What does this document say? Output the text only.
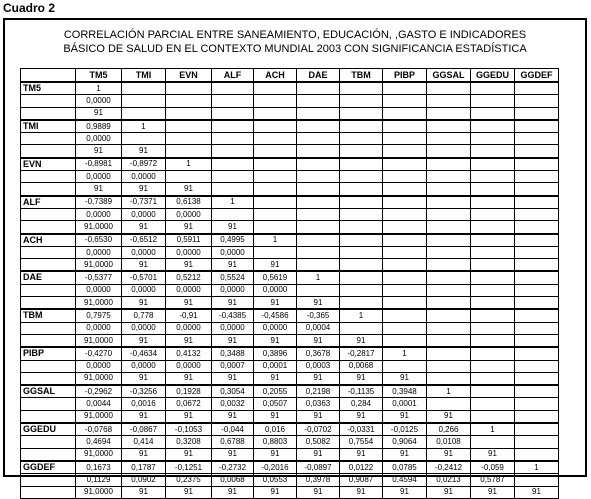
Cuadro 2
CORRELACIÓN PARCIAL ENTRE SANEAMIENTO, EDUCACIÓN, ,GASTO E INDICADORES
BÁSICO DE SALUD EN EL CONTEXTO MUNDIAL 2003 CON SIGNIFICANCIA ESTADÍSTICA
	TM5	TMI	EVN	ALF	ACH	DAE	TBM	PIBP	GGSAL	GGEDU	GGDEF
TM5	1										
	0,0000										
	91										
TMI	0,9889	1									
	0,0000										
	91	91									
EVN	-0,8981	-0,8972	1								
	0,0000	0,0000									
	91	91	91								
ALF	-0,7389	-0,7371	0,6138	1							
	0,0000	0,0000	0,0000								
	91,0000	91	91	91							
ACH	-0,6530	-0,6512	0,5911	0,4995	1						
	0,0000	0,0000	0,0000	0,0000							
	91,0000	91	91	91	91						
DAE	-0,5377	-0,5701	0,5212	0,5524	0,5619	1					
	0,0000	0,0000	0,0000	0,0000	0,0000						
	91,0000	91	91	91	91	91					
TBM	0,7975	0,778	-0,91	-0,4385	-0,4586	-0,365	1				
	0,0000	0,0000	0,0000	0,0000	0,0000	0,0004					
	91,0000	91	91	91	91	91	91				
PIBP	-0,4270	-0,4634	0,4132	0,3488	0,3896	0,3678	-0,2817	1			
	0,0000	0,0000	0,0000	0,0007	0,0001	0,0003	0,0068				
	91,0000	91	91	91	91	91	91	91			
GGSAL	-0,2962	-0,3256	0,1928	0,3054	0,2055	0,2198	-0,1135	0,3948	1		
	0,0044	0,0016	0,0672	0,0032	0,0507	0,0363	0,284	0,0001			
	91,0000	91	91	91	91	91	91	91	91		
GGEDU	-0,0768	-0,0867	-0,1053	-0,044	0,016	-0,0702	-0,0331	-0,0125	0,266	1	
	0,4694	0,414	0,3208	0,6788	0,8803	0,5082	0,7554	0,9064	0,0108		
	91,0000	91	91	91	91	91	91	91	91	91	
GGDEF	0,1673	0,1787	-0,1251	-0,2732	-0,2016	-0,0897	0,0122	0,0785	-0,2412	-0,059	1
	0,1129	0,0902	0,2375	0,0068	0,0553	0,3978	0,9087	0,4594	0,0213	0,5787	
	91,0000	91	91	91	91	91	91	91	91	91	91
